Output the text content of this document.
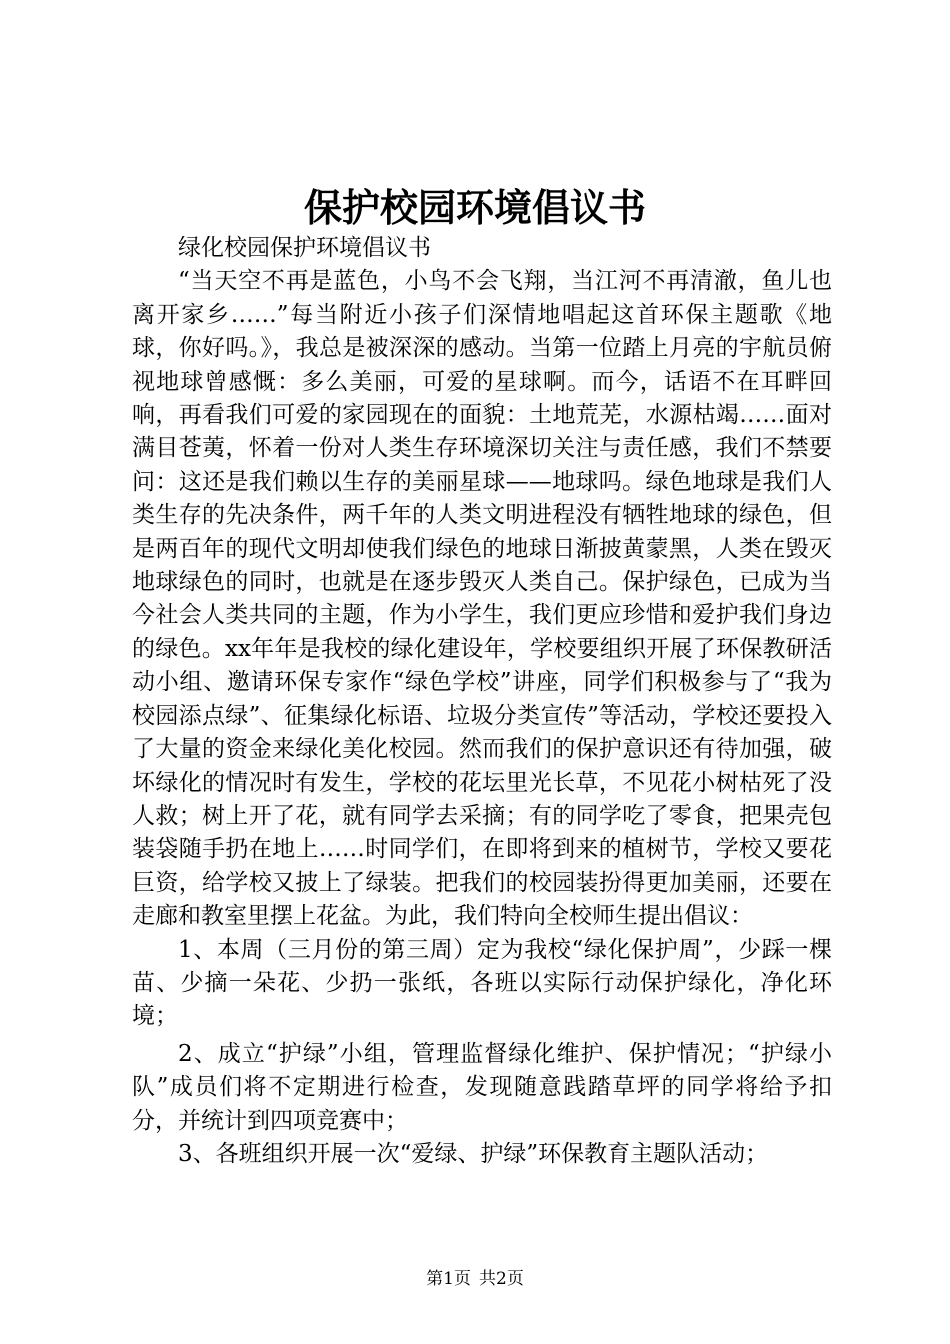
保护校园环境倡议书

绿化校园保护环境倡议书

“当天空不再是蓝色，小鸟不会飞翔，当江河不再清澈，鱼儿也离开家乡……”每当附近小孩子们深情地唱起这首环保主题歌《地球，你好吗。》，我总是被深深的感动。当第一位踏上月亮的宇航员俯视地球曾感慨：多么美丽，可爱的星球啊。而今，话语不在耳畔回响，再看我们可爱的家园现在的面貌：土地荒芜，水源枯竭……面对满目苍荑，怀着一份对人类生存环境深切关注与责任感，我们不禁要问：这还是我们赖以生存的美丽星球——地球吗。绿色地球是我们人类生存的先决条件，两千年的人类文明进程没有牺牲地球的绿色，但是两百年的现代文明却使我们绿色的地球日渐披黄蒙黑，人类在毁灭地球绿色的同时，也就是在逐步毁灭人类自己。保护绿色，已成为当今社会人类共同的主题，作为小学生，我们更应珍惜和爱护我们身边的绿色。xx年年是我校的绿化建设年，学校要组织开展了环保教研活动小组、邀请环保专家作“绿色学校”讲座，同学们积极参与了“我为校园添点绿”、征集绿化标语、垃圾分类宣传”等活动，学校还要投入了大量的资金来绿化美化校园。然而我们的保护意识还有待加强，破坏绿化的情况时有发生，学校的花坛里光长草，不见花小树枯死了没人救；树上开了花，就有同学去采摘；有的同学吃了零食，把果壳包装袋随手扔在地上……时同学们，在即将到来的植树节，学校又要花巨资，给学校又披上了绿装。把我们的校园装扮得更加美丽，还要在走廊和教室里摆上花盆。为此，我们特向全校师生提出倡议：

1、本周（三月份的第三周）定为我校“绿化保护周”，少踩一棵苗、少摘一朵花、少扔一张纸，各班以实际行动保护绿化，净化环境；

2、成立“护绿”小组，管理监督绿化维护、保护情况；“护绿小队”成员们将不定期进行检查，发现随意践踏草坪的同学将给予扣分，并统计到四项竞赛中；

3、各班组织开展一次“爱绿、护绿”环保教育主题队活动；

第1页 共2页
